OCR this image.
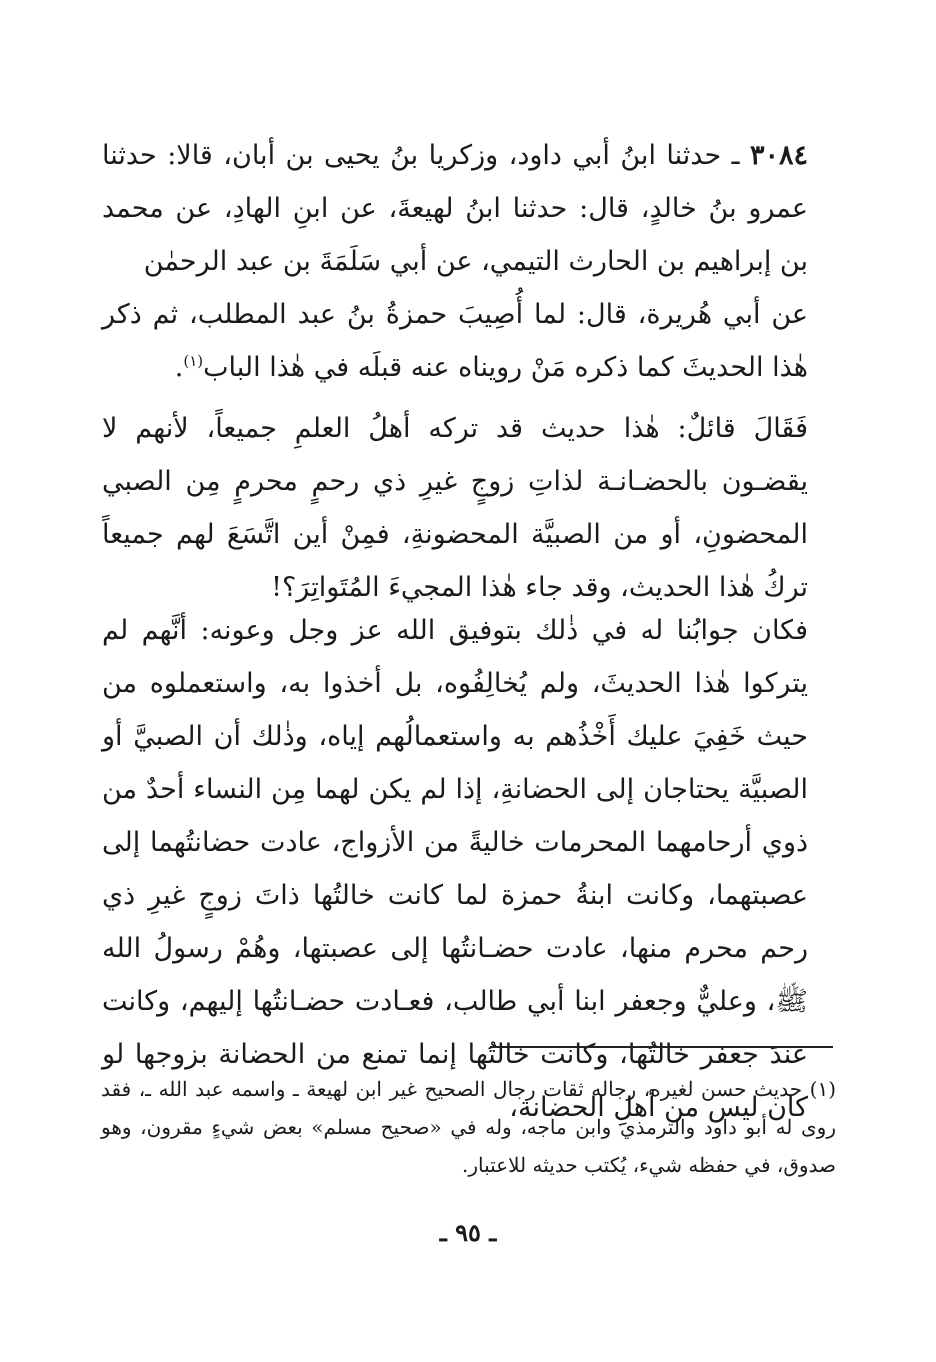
٣٠٨٤ ـ حدثنا ابنُ أبي داود، وزكريا بنُ يحيى بن أبان، قالا: حدثنا عمرو بنُ خالدٍ، قال: حدثنا ابنُ لهيعةَ، عن ابنِ الهادِ، عن محمد بن إبراهيم بن الحارث التيمي، عن أبي سَلَمَةَ بن عبد الرحمٰن

عن أبي هُريرة، قال: لما أُصِيبَ حمزةُ بنُ عبد المطلب، ثم ذكر هٰذا الحديثَ كما ذكره مَنْ رويناه عنه قبلَه في هٰذا الباب$^{(١)}$.

فَقَالَ قائلٌ: هٰذا حديث قد تركه أهلُ العلمِ جميعاً، لأنهم لا يقضـون بالحضـانـة لذاتِ زوجٍ غيرِ ذي رحمٍ محرمٍ مِن الصبي المحضونِ، أو من الصبيَّة المحضونةِ، فمِنْ أين اتَّسَعَ لهم جميعاً تركُ هٰذا الحديث، وقد جاء هٰذا المجيءَ المُتَواتِرَ؟!

فكان جوابُنا له في ذٰلك بتوفيق الله عز وجل وعونه: أنَّهم لم يتركوا هٰذا الحديثَ، ولم يُخالِفُوه، بل أخذوا به، واستعملوه من حيث خَفِيَ عليك أَخْذُهم به واستعمالُهم إياه، وذٰلك أن الصبيَّ أو الصبيَّة يحتاجان إلى الحضانةِ، إذا لم يكن لهما مِن النساء أحدٌ من ذوي أرحامهما المحرمات خاليةً من الأزواج، عادت حضانتُهما إلى عصبتهما، وكانت ابنةُ حمزة لما كانت خالتُها ذاتَ زوجٍ غيرِ ذي رحم محرم منها، عادت حضـانتُها إلى عصبتها، وهُمْ رسولُ الله ﷺ، وعليٌّ وجعفر ابنا أبي طالب، فعـادت حضـانتُها إليهم، وكانت عندَ جعفر خالتُها، وكانت خالتُها إنما تمنع من الحضانة بزوجها لو كان ليس من أهلِ الحضانة،

(١) حديث حسن لغيره، رجاله ثقات رجال الصحيح غير ابن لهيعة ـ واسمه عبد الله ـ، فقد روى له أبو داود والترمذي وابن ماجه، وله في «صحيح مسلم» بعض شيءٍ مقرون، وهو صدوق، في حفظه شيء، يُكتب حديثه للاعتبار.

ـ ٩٥ ـ
